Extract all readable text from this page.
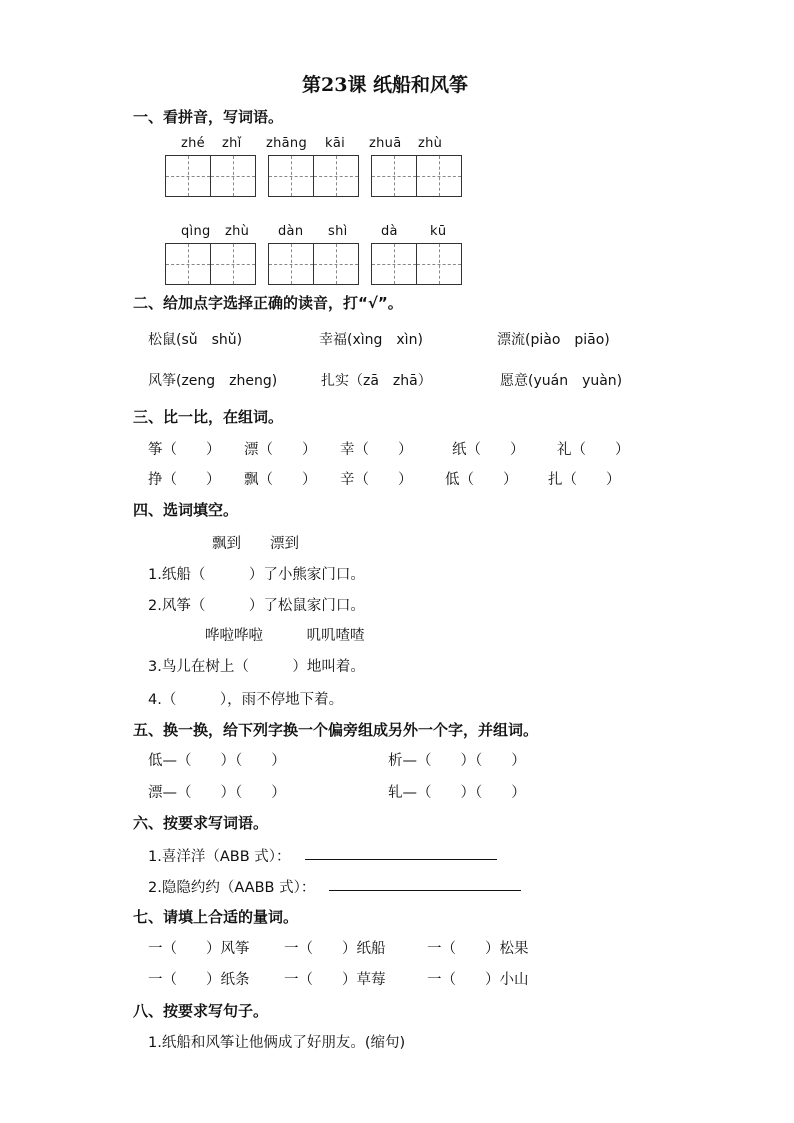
第23课 纸船和风筝
一、看拼音，写词语。
zhé zhǐ zhāng kāi zhuā zhù
qìng zhù dàn shì	dà kū
二、给加点字选择正确的读音，打“√”。
松鼠(sǔ　shǔ)	幸福(xìng　xìn)	漂流(piào　piāo)
风筝(zeng　zheng)	扎实（zā　zhā）	愿意(yuán　yuàn)
三、比一比，在组词。
筝（　　） 漂（　　） 幸（　　）	纸（　　） 礼（　　）
挣（　　） 飘（　　） 辛（　　） 低（　　） 扎（　　）
四、选词填空。
飘到　　漂到
1.纸船（　　　）了小熊家门口。
2.风筝（　　　）了松鼠家门口。
哗啦哗啦　　　叽叽喳喳
3.鸟儿在树上（　　　）地叫着。
4.（　　　），雨不停地下着。
五、换一换，给下列字换一个偏旁组成另外一个字，并组词。
低—（　　）（　　）	析—（　　）（　　）
漂—（　　）（　　）	轧—（　　）（　　）
六、按要求写词语。
1.喜洋洋（ABB 式）：
2.隐隐约约（AABB 式）：
七、请填上合适的量词。
一（　　）风筝 一（　　）纸船	一（　　）松果
一（　　）纸条 一（　　）草莓	一（　　）小山
八、按要求写句子。
1.纸船和风筝让他俩成了好朋友。(缩句)
